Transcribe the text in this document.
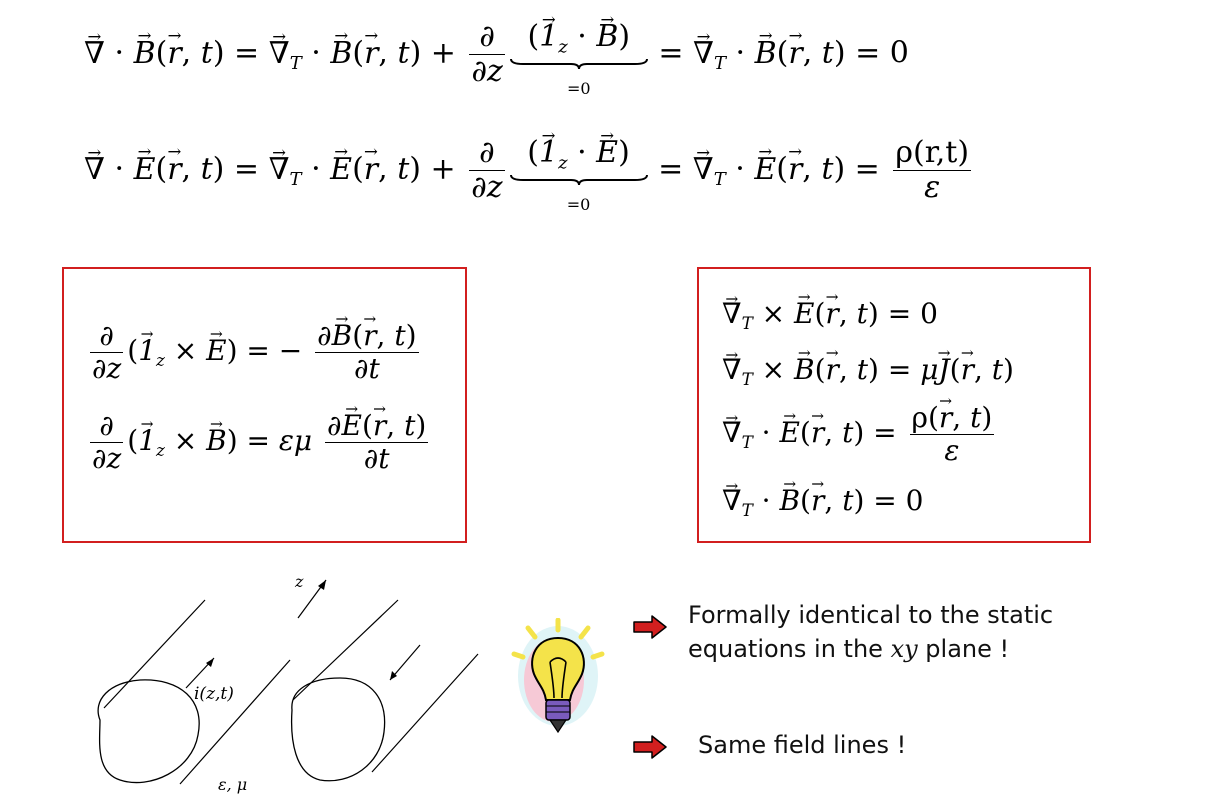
→ ∇ · → B(→ r, t) = → $\nabla_T$ · → B(→ r, $t) + \frac{\partial}{\partial z}$ (→ $1_z$ · → B)
=0 = → $\nabla_T$ · → B(→ r, t) = 0
→ ∇ · → E(→ r, t) = → $\nabla_T$ · → E(→ r, $t) + \frac{\partial}{\partial z}$ (→ $1_z$ · → E)
=0 = → $\nabla_T$ · → E(→ r, $t) = \frac{\rho(r,t)}{\varepsilon}$
$\frac{\partial}{\partial z}$ (→ $1_z$ × → E) = − $\frac{\partial\to B(\to r, t)}{\partial t}$
$\frac{\partial}{\partial z}$ (→ $1_z$ × → B) = εμ $\frac{\partial\to E(\to r, t)}{\partial t}$
→ $\nabla_T$ × → E(→ r, t) = 0
→ $\nabla_T$ × → B(→ r, t) = μ→ J(→ r, t)
→ $\nabla_T$ · → E(→ r, $t) = \frac{\rho(\to r, t)}{\varepsilon}$
→ $\nabla_T$ · → B(→ r, t) = 0
z
i(z,t)
ε, μ
Formally identical to the static
equations in the xy plane !
Same field lines !
